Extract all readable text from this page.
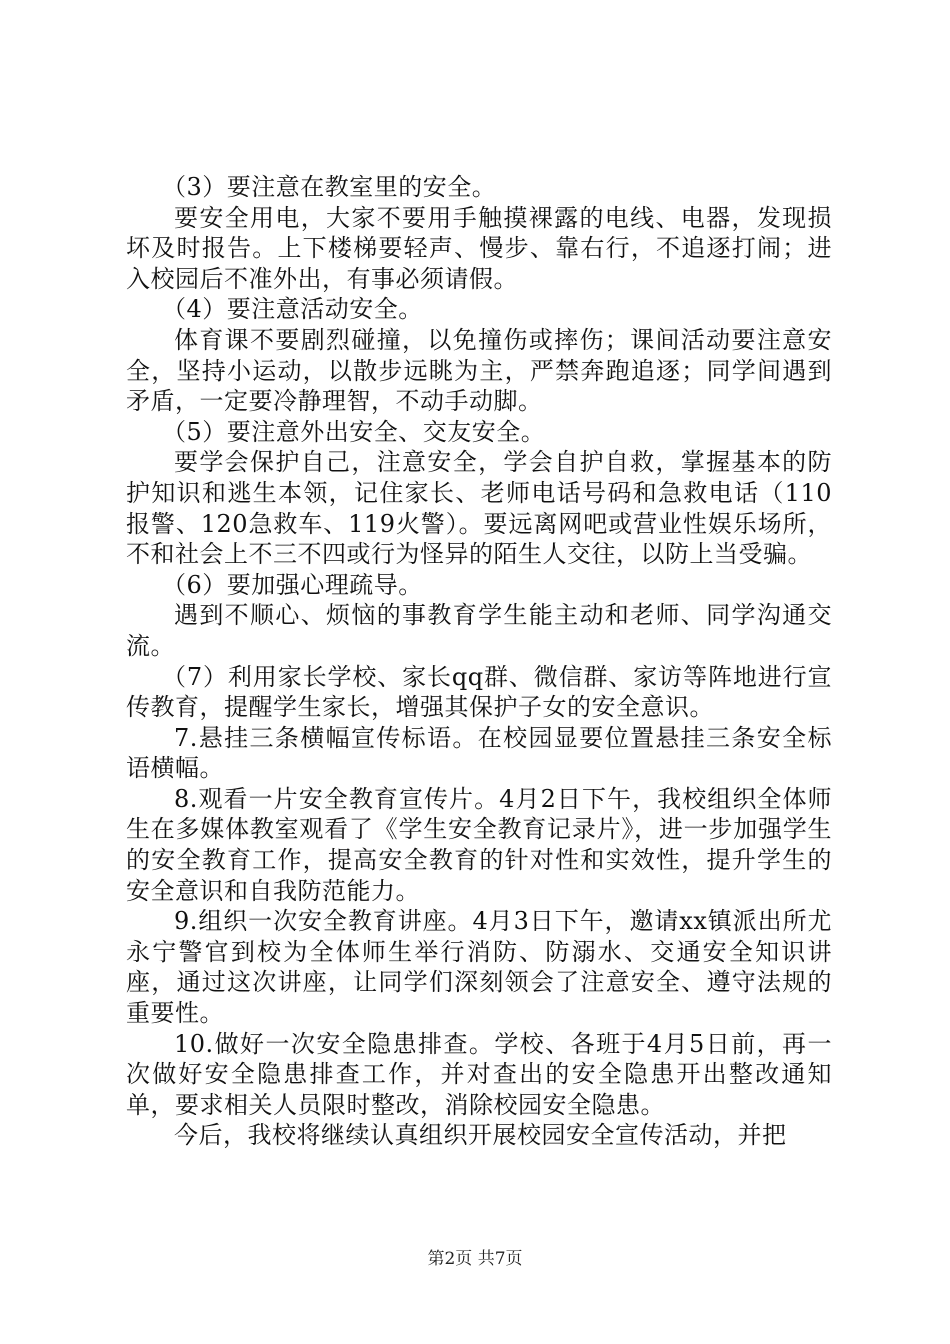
（3）要注意在教室里的安全。

要安全用电，大家不要用手触摸裸露的电线、电器，发现损坏及时报告。上下楼梯要轻声、慢步、靠右行，不追逐打闹；进入校园后不准外出，有事必须请假。

（4）要注意活动安全。

体育课不要剧烈碰撞，以免撞伤或摔伤；课间活动要注意安全，坚持小运动，以散步远眺为主，严禁奔跑追逐；同学间遇到矛盾，一定要冷静理智，不动手动脚。

（5）要注意外出安全、交友安全。

要学会保护自己，注意安全，学会自护自救，掌握基本的防护知识和逃生本领，记住家长、老师电话号码和急救电话（110报警、120急救车、119火警）。要远离网吧或营业性娱乐场所，不和社会上不三不四或行为怪异的陌生人交往，以防上当受骗。

（6）要加强心理疏导。

遇到不顺心、烦恼的事教育学生能主动和老师、同学沟通交流。

（7）利用家长学校、家长qq群、微信群、家访等阵地进行宣传教育，提醒学生家长，增强其保护子女的安全意识。

7.悬挂三条横幅宣传标语。在校园显要位置悬挂三条安全标语横幅。

8.观看一片安全教育宣传片。4月2日下午，我校组织全体师生在多媒体教室观看了《学生安全教育记录片》，进一步加强学生的安全教育工作，提高安全教育的针对性和实效性，提升学生的安全意识和自我防范能力。

9.组织一次安全教育讲座。4月3日下午，邀请xx镇派出所尤永宁警官到校为全体师生举行消防、防溺水、交通安全知识讲座，通过这次讲座，让同学们深刻领会了注意安全、遵守法规的重要性。

10.做好一次安全隐患排查。学校、各班于4月5日前，再一次做好安全隐患排查工作，并对查出的安全隐患开出整改通知单，要求相关人员限时整改，消除校园安全隐患。

今后，我校将继续认真组织开展校园安全宣传活动，并把

第2页 共7页
